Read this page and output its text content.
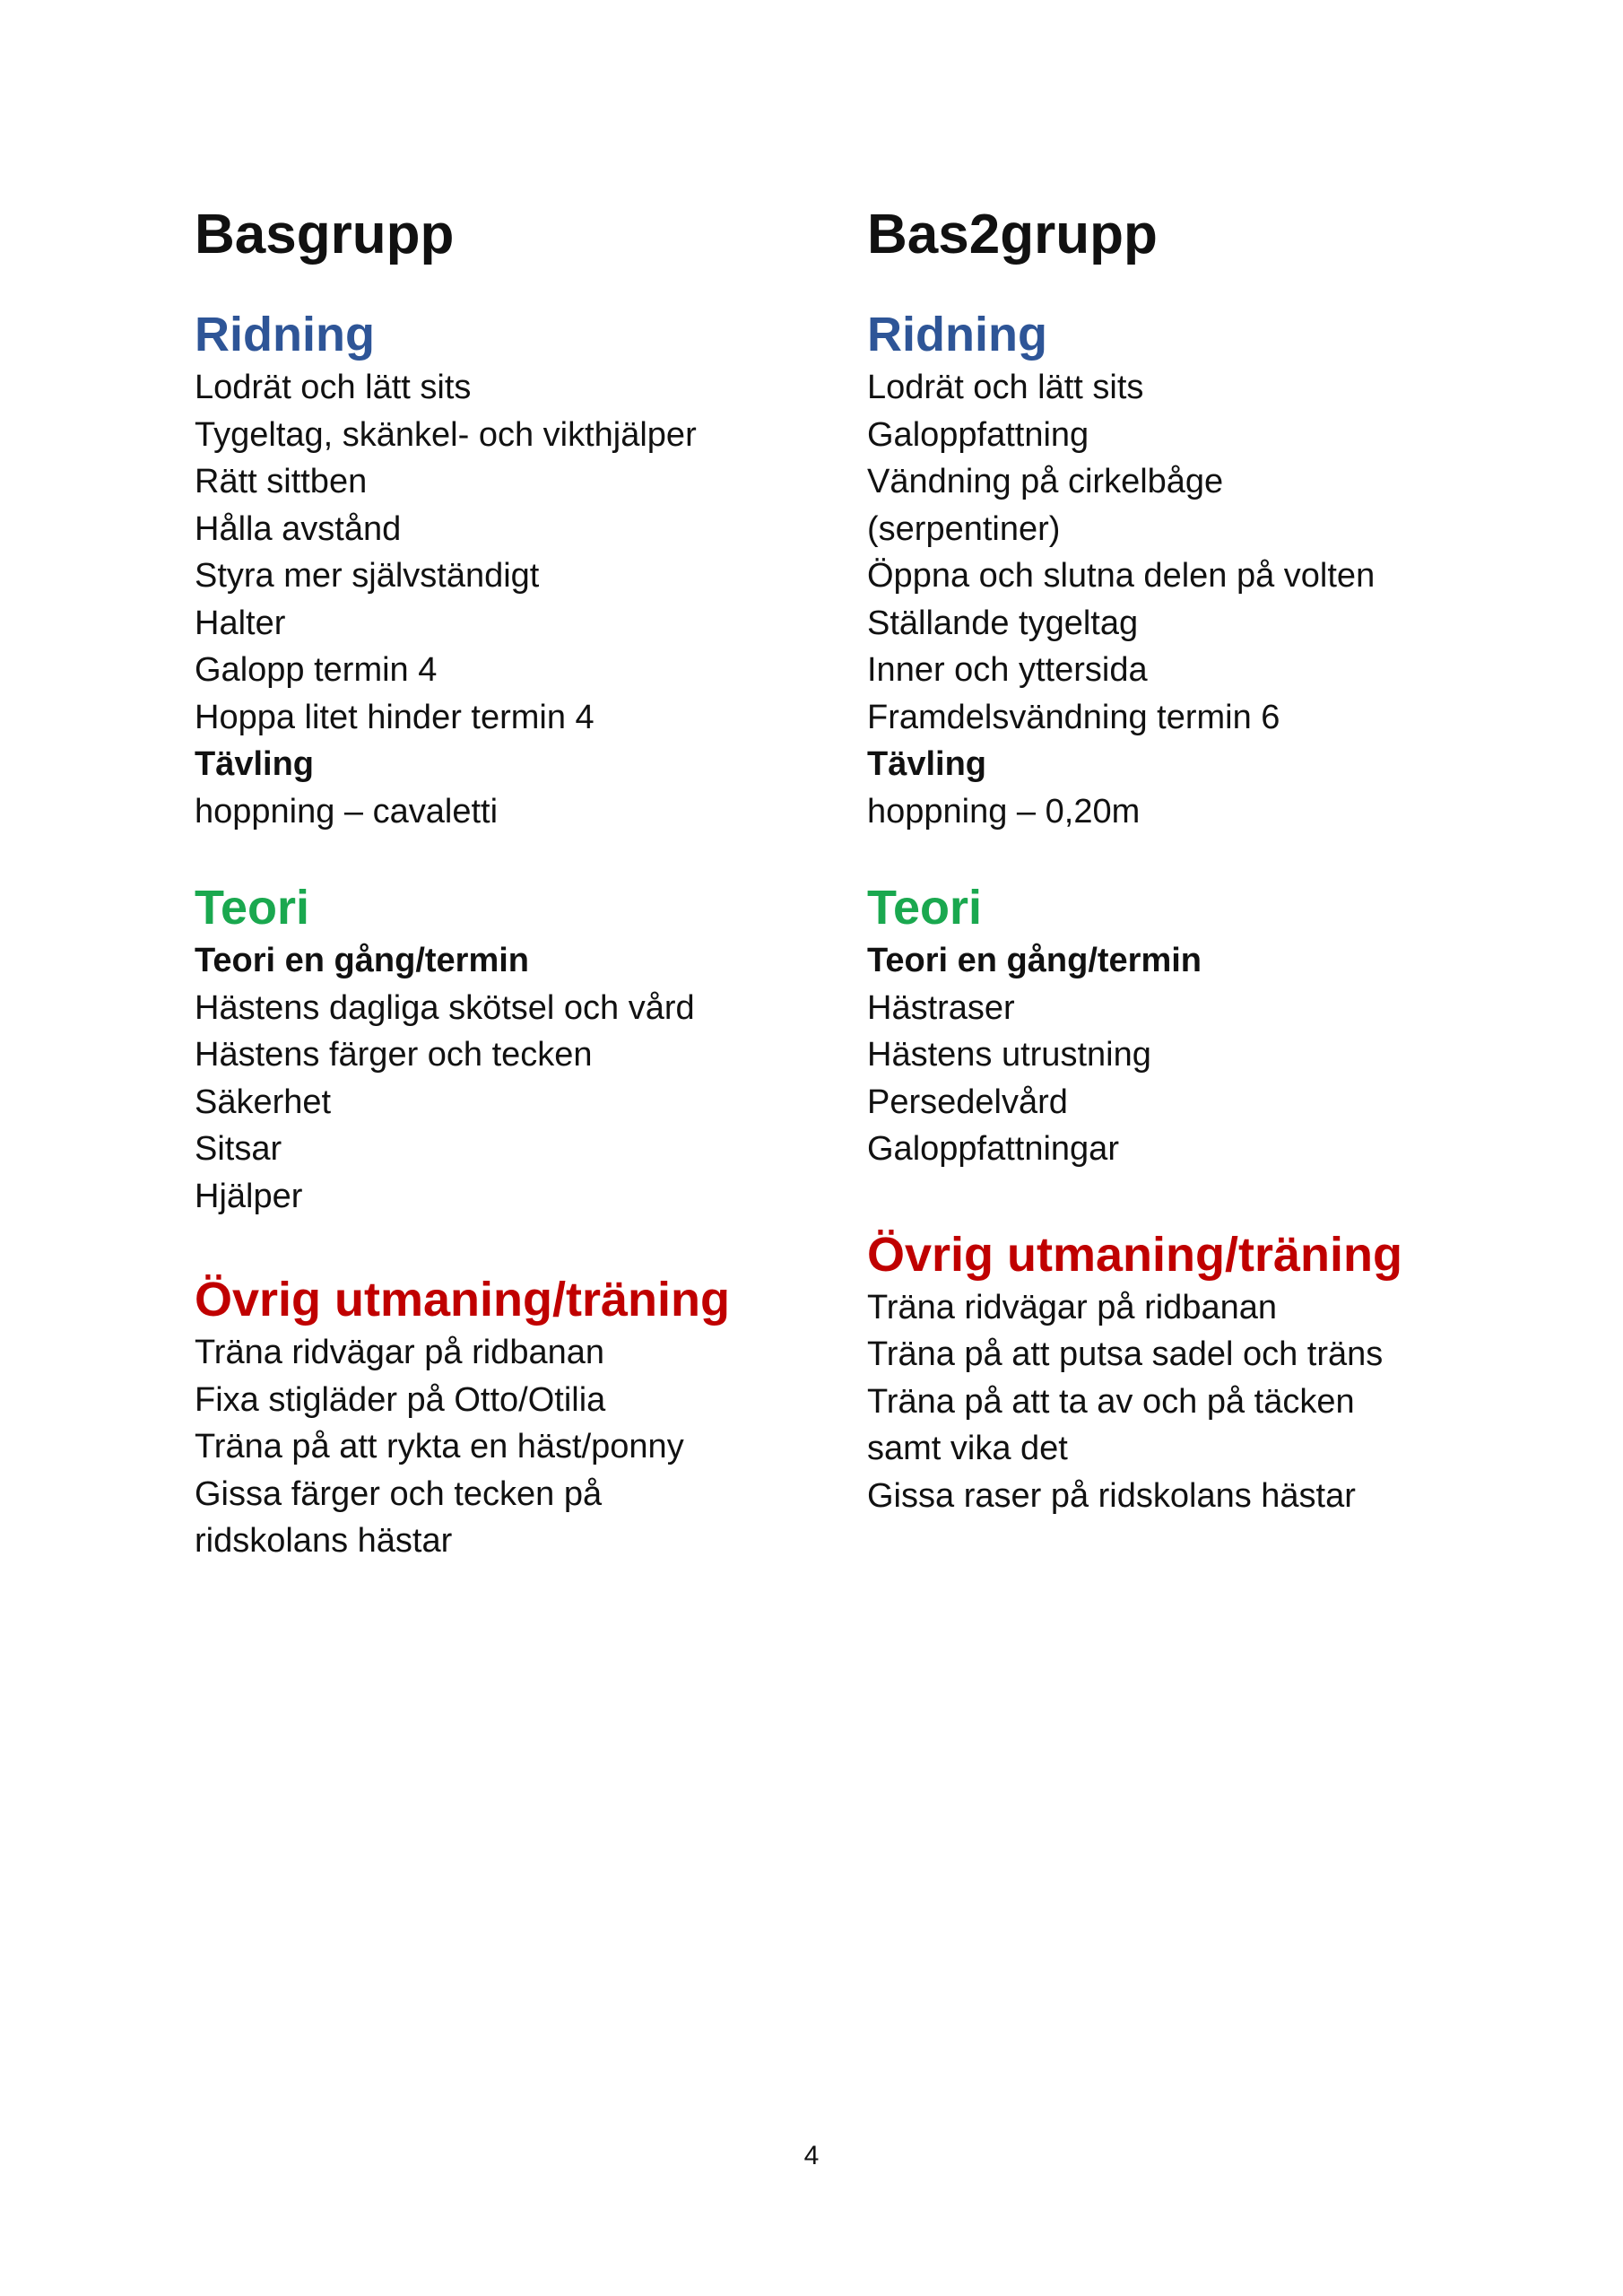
Basgrupp
Ridning
Lodrät och lätt sits
Tygeltag, skänkel- och vikthjälper
Rätt sittben
Hålla avstånd
Styra mer självständigt
Halter
Galopp termin 4
Hoppa litet hinder termin 4
Tävling
hoppning – cavaletti
Teori
Teori en gång/termin
Hästens dagliga skötsel och vård
Hästens färger och tecken
Säkerhet
Sitsar
Hjälper
Övrig utmaning/träning
Träna ridvägar på ridbanan
Fixa stigläder på Otto/Otilia
Träna på att rykta en häst/ponny
Gissa färger och tecken på
ridskolans hästar
Bas2grupp
Ridning
Lodrät och lätt sits
Galoppfattning
Vändning på cirkelbåge
(serpentiner)
Öppna och slutna delen på volten
Ställande tygeltag
Inner och yttersida
Framdelsvändning termin 6
Tävling
hoppning – 0,20m
Teori
Teori en gång/termin
Hästraser
Hästens utrustning
Persedelvård
Galoppfattningar
Övrig utmaning/träning
Träna ridvägar på ridbanan
Träna på att putsa sadel och träns
Träna på att ta av och på täcken
samt vika det
Gissa raser på ridskolans hästar
4
